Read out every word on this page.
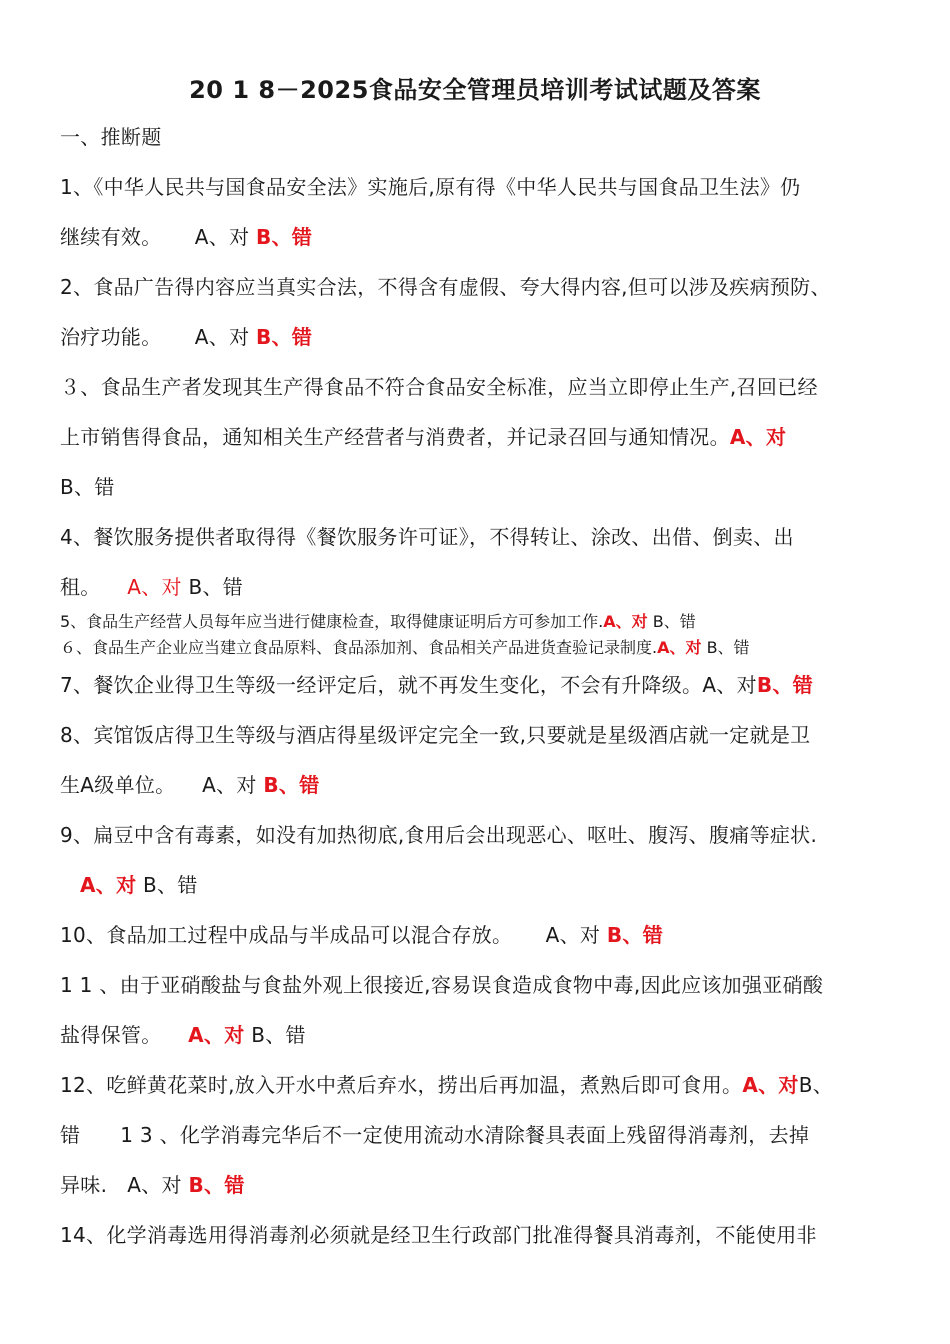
20 1 8－2025食品安全管理员培训考试试题及答案
一、推断题
1、《中华人民共与国食品安全法》实施后,原有得《中华人民共与国食品卫生法》仍
继续有效。     A、对 B、错
2、食品广告得内容应当真实合法，不得含有虚假、夸大得内容,但可以涉及疾病预防、
治疗功能。     A、对 B、错
３、食品生产者发现其生产得食品不符合食品安全标准，应当立即停止生产,召回已经
上市销售得食品，通知相关生产经营者与消费者，并记录召回与通知情况。A、对
B、错
4、餐饮服务提供者取得得《餐饮服务许可证》，不得转让、涂改、出借、倒卖、出
租。    A、对 B、错
5、食品生产经营人员每年应当进行健康检查，取得健康证明后方可参加工作.A、对 B、错
６、食品生产企业应当建立食品原料、食品添加剂、食品相关产品进货查验记录制度.A、对 B、错
7、餐饮企业得卫生等级一经评定后，就不再发生变化，不会有升降级。A、对B、错
8、宾馆饭店得卫生等级与酒店得星级评定完全一致,只要就是星级酒店就一定就是卫
生A级单位。    A、对 B、错
9、扁豆中含有毒素，如没有加热彻底,食用后会出现恶心、呕吐、腹泻、腹痛等症状.
A、对 B、错
10、食品加工过程中成品与半成品可以混合存放。     A、对 B、错
1 1 、由于亚硝酸盐与食盐外观上很接近,容易误食造成食物中毒,因此应该加强亚硝酸
盐得保管。    A、对 B、错
12、吃鲜黄花菜时,放入开水中煮后弃水，捞出后再加温，煮熟后即可食用。A、对B、
错      1 3 、化学消毒完华后不一定使用流动水清除餐具表面上残留得消毒剂，去掉
异味.   A、对 B、错
14、化学消毒选用得消毒剂必须就是经卫生行政部门批准得餐具消毒剂，不能使用非
